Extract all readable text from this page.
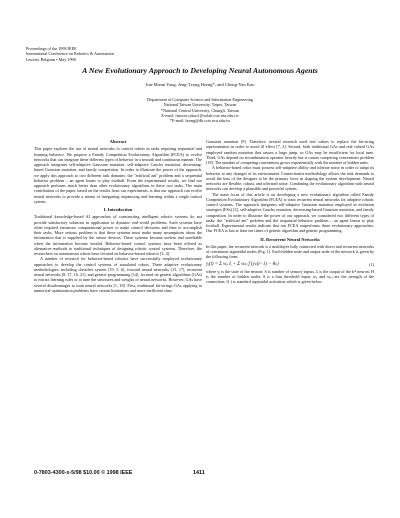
Proceedings of the 1998 IEEE
International Conference on Robotics & Automation
Leuven, Belgium • May 1998
A New Evolutionary Approach to Developing Neural Autonomous Agents
Jun-Miean Yang, Jeng-Tzong Horng*, and Cheng-Yan Kao
Department of Computer Science and Information Engineering
National Taiwan University, Taipei, Taiwan
*National Central University, Chungli, Taiwan
E-mail: {moon,cykao}@solab.csie.ntu.edu.tw
*E-mail: horng@db.csie.ncu.edu.tw
Abstract

This paper explores the use of neural networks to control robots in tasks requiring sequential and learning behavior. We propose a Family Competition Evolutionary Algorithm (FCEA) to evolve networks that can integrate these different types of behavior in a smooth and continuous manner. The approach integrates self-adaptive Gaussian mutation, self-adaptive Cauchy mutation, decreasing-based Gaussian mutation, and family competition. In order to illustrate the power of the approach, we apply this approach to two different task domains: the "artificial ant" problem and a sequential behavior problem – an agent learns to play football. From the experimental results, we find our approach performs much better than other evolutionary algorithms in these two tasks. The main contribution of the paper, based on the results from our experiments, is that our approach can evolve neural networks to provide a means of integrating sequencing and learning within a single control system.

I. Introduction

Traditional knowledge-based AI approaches of constructing intelligent robotic systems do not provide satisfactory solutions in application to dynamic real-world problems. Such systems have often required enormous computational power to make control decisions and then to accomplish their tasks. More serious problem is that these systems must make many assumptions about the information that is supplied by the sensor devices. These systems become useless and unreliable when the information become invalid. Behavior-based control systems have been offered as alternative methods to traditional techniques of designing robotic control systems. Therefore, the researchers on autonomous robots have focused on behavior-based robotics [3, 4].

A number of research for behavior-based robotics have successfully employed evolutionary approaches to develop the control systems of simulated robots. These adaptive evolutionary methodologies, including classifier system [19, 5, 6], forward neural networks [15, 17], recurrent neural networks [8, 17, 16, 21], and genetic programming [14], focused on genetic algorithms (GAs) to extract learning rules or to tune the structures and weights of neural networks. However, GAs have several disadvantages to train neural networks [1, 18]. First, traditional bit-strings GAs applying to numerical optimization problems have certain limitations and more inefficient than

Gaussian mutation [9]. Therefore, several research used real values to replace the bit-string representation in order to avoid ill effect [7, 2]. Second, both traditional GAs and real valued GAs employed random mutation that causes a large jump, so GAs may be insufficient for local tune. Third, GAs depend on recombination operator heavily but it causes competing conventions problem [18]. The number of competing conventions grows exponentially with the number of hidden units.

A behavior-based robot must possess self-adaptive ability and tolerate noise in order to adapt its behavior to any changes of its environment. Connectionist methodology allows the task demands to avoid the bias of the designer to be the primary force in shaping the system development. Neural networks are flexible, robust, and tolerated noise. Combining the evolutionary algorithm with neural networks can develop a plausible and powerful system.

The main focus of this article is on developing a new evolutionary algorithm called Family Competition Evolutionary Algorithm (FCEA) to train recurrent neural networks for adaptive robotic control systems. The approach integrates self-adaptive Gaussian mutation employed in evolution strategies (ESs) [2], self-adaptive Cauchy mutation, decreasing-based Gaussian mutation, and family competition. In order to illustrate the power of our approach, we considered two different types of tasks: the "artificial ant" problem and the sequential behavior problem – an agent learns to play football. Experimental results indicate that our FCEA outperforms these evolutionary approaches. Our FCEA is fast at least ten times of genetic algorithm and genetic programming.

II. Recurrent Neural Networks

In this paper, the recurrent network is a multilayer fully connected with direct and recurrent networks of continuous sigmoidal nodes (Fig. 1). Each hidden node and output node of the network is given by the following form:

yⱼ(t) = Σ wᵢⱼ Iᵢ + Σ wₖⱼ f (yₖ(t−1) − θₖ)	(1)

where yⱼ is the state of the neuron; S is number of sensory inputs, Iᵢ is the output of the kᵗʰ neuron; H is the number of hidden nodes, θ is a bias threshold input; wᵢⱼ and wₖⱼ are the strength of the connection; f(·) is standard sigmoidal activation which is given below.

0-7803-4300-x-5/98 $10.00 © 1998 IEEE	1411
